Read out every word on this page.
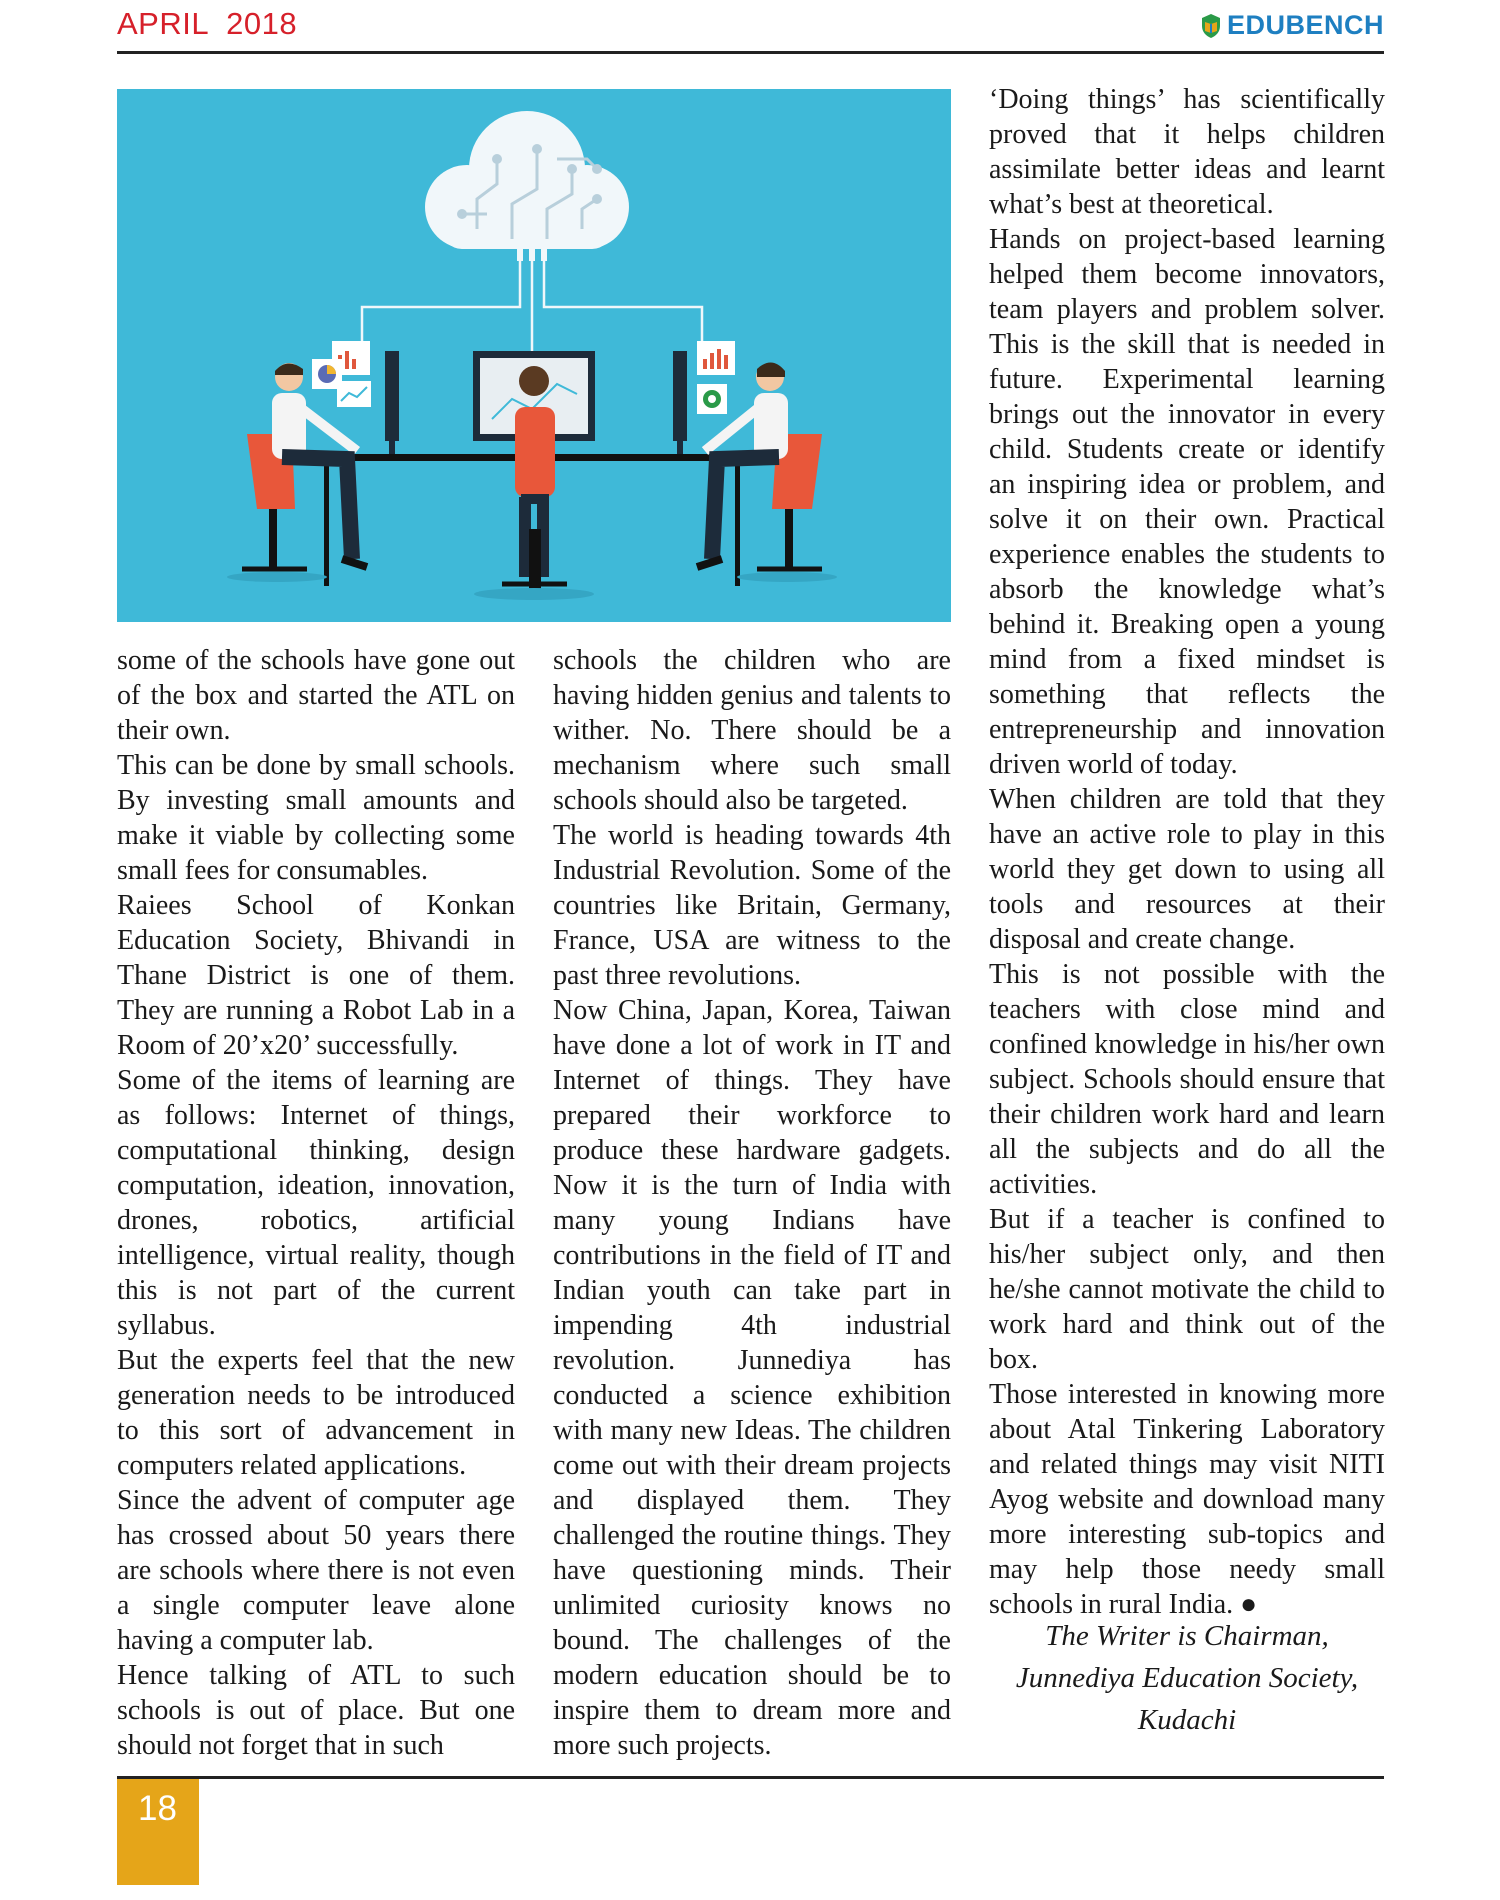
APRIL  2018	EDUBENCH

some of the schools have gone out of the box and started the ATL on their own.

This can be done by small schools. By investing small amounts and make it viable by collecting some small fees for consumables.

Raiees School of Konkan Education Society, Bhivandi in Thane District is one of them. They are running a Robot Lab in a Room of 20’x20’ successfully.

Some of the items of learning are as follows: Internet of things, computational thinking, design computation, ideation, innovation, drones, robotics, artificial intelligence, virtual reality, though this is not part of the current syllabus.

But the experts feel that the new generation needs to be introduced to this sort of advancement in computers related applications.

Since the advent of computer age has crossed about 50 years there are schools where there is not even a single computer leave alone having a computer lab.

Hence talking of ATL to such schools is out of place. But one should not forget that in such

schools the children who are having hidden genius and talents to wither. No. There should be a mechanism where such small schools should also be targeted.

The world is heading towards 4th Industrial Revolution. Some of the countries like Britain, Germany, France, USA are witness to the past three revolutions.

Now China, Japan, Korea, Taiwan have done a lot of work in IT and Internet of things. They have prepared their workforce to produce these hardware gadgets. Now it is the turn of India with many young Indians have contributions in the field of IT and Indian youth can take part in impending 4th industrial revolution. Junnediya has conducted a science exhibition with many new Ideas. The children come out with their dream projects and displayed them. They challenged the routine things. They have questioning minds. Their unlimited curiosity knows no bound. The challenges of the modern education should be to inspire them to dream more and more such projects.

‘Doing things’ has scientifically proved that it helps children assimilate better ideas and learnt what’s best at theoretical.

Hands on project-based learning helped them become innovators, team players and problem solver. This is the skill that is needed in future. Experimental learning brings out the innovator in every child. Students create or identify an inspiring idea or problem, and solve it on their own. Practical experience enables the students to absorb the knowledge what’s behind it. Breaking open a young mind from a fixed mindset is something that reflects the entrepreneurship and innovation driven world of today.

When children are told that they have an active role to play in this world they get down to using all tools and resources at their disposal and create change.

This is not possible with the teachers with close mind and confined knowledge in his/her own subject. Schools should ensure that their children work hard and learn all the subjects and do all the activities.

But if a teacher is confined to his/her subject only, and then he/she cannot motivate the child to work hard and think out of the box.

Those interested in knowing more about Atal Tinkering Laboratory and related things may visit NITI Ayog website and download many more interesting sub-topics and may help those needy small schools in rural India. ●

The Writer is Chairman,

Junnediya Education Society,

Kudachi

18
